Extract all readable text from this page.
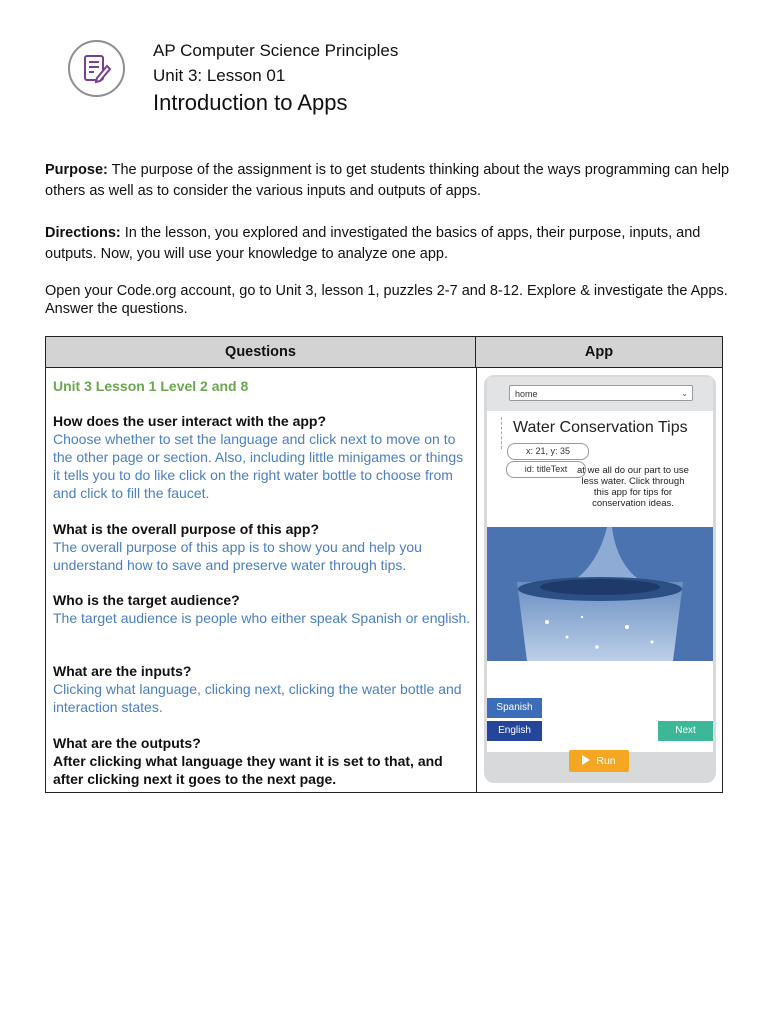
AP Computer Science Principles
Unit 3: Lesson 01
Introduction to Apps
Purpose: The purpose of the assignment is to get students thinking about the ways programming can help others as well as to consider the various inputs and outputs of apps.
Directions: In the lesson, you explored and investigated the basics of apps, their purpose, inputs, and outputs. Now, you will use your knowledge to analyze one app.
Open your Code.org account, go to Unit 3, lesson 1, puzzles 2-7 and 8-12. Explore & investigate the Apps. Answer the questions.
Questions	App
Unit 3 Lesson 1 Level 2 and 8
How does the user interact with the app?
Choose whether to set the language and click next to move on to the other page or section. Also, including little minigames or things it tells you to do like click on the right water bottle to choose from and click to fill the faucet.
What is the overall purpose of this app?
The overall purpose of this app is to show you and help you understand how to save and preserve water through tips.
Who is the target audience?
The target audience is people who either speak Spanish or english.
What are the inputs?
Clicking what language, clicking next, clicking the water bottle and interaction states.
What are the outputs?
After clicking what language they want it is set to that, and after clicking next it goes to the next page.
home	⌄
Water Conservation Tips
x: 21, y: 35
id: titleText	at we all do our part to use less water. Click through this app for tips for conservation ideas.
Spanish
English	Next
Run
